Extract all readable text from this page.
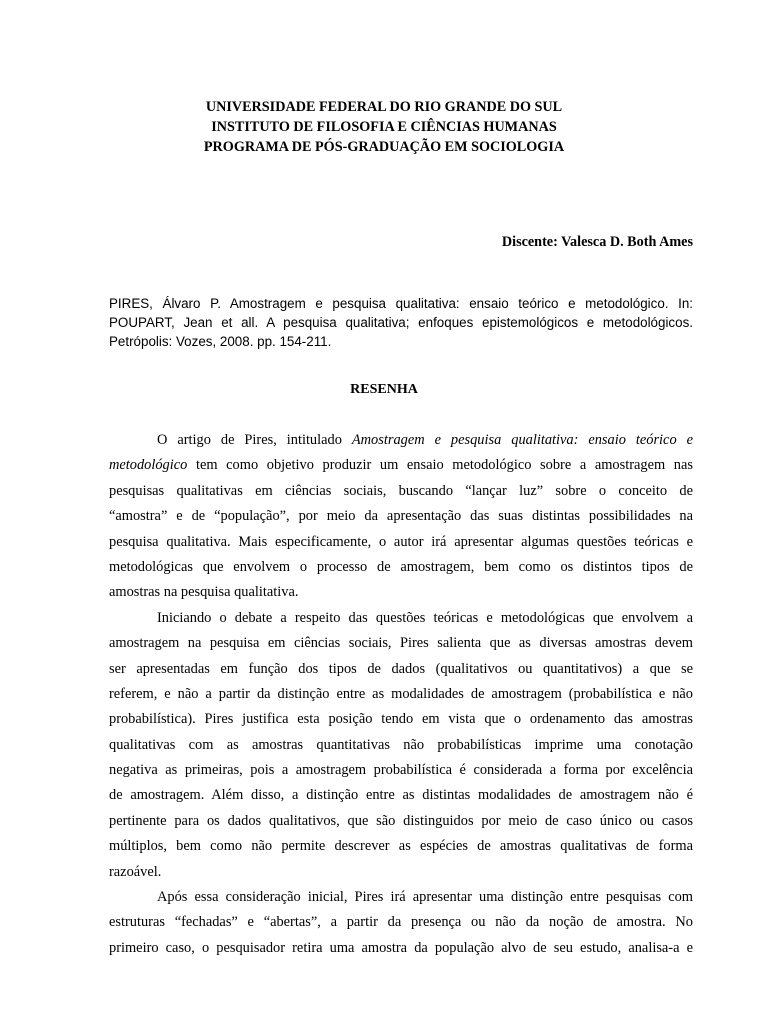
UNIVERSIDADE FEDERAL DO RIO GRANDE DO SUL
INSTITUTO DE FILOSOFIA E CIÊNCIAS HUMANAS
PROGRAMA DE PÓS-GRADUAÇÃO EM SOCIOLOGIA
Discente: Valesca D. Both Ames
PIRES, Álvaro P. Amostragem e pesquisa qualitativa: ensaio teórico e metodológico. In:
POUPART, Jean et all. A pesquisa qualitativa; enfoques epistemológicos e metodológicos.
Petrópolis: Vozes, 2008. pp. 154-211.
RESENHA
O artigo de Pires, intitulado Amostragem e pesquisa qualitativa: ensaio teórico e
metodológico tem como objetivo produzir um ensaio metodológico sobre a amostragem nas
pesquisas qualitativas em ciências sociais, buscando “lançar luz” sobre o conceito de
“amostra” e de “população”, por meio da apresentação das suas distintas possibilidades na
pesquisa qualitativa. Mais especificamente, o autor irá apresentar algumas questões teóricas e
metodológicas que envolvem o processo de amostragem, bem como os distintos tipos de
amostras na pesquisa qualitativa.
Iniciando o debate a respeito das questões teóricas e metodológicas que envolvem a
amostragem na pesquisa em ciências sociais, Pires salienta que as diversas amostras devem
ser apresentadas em função dos tipos de dados (qualitativos ou quantitativos) a que se
referem, e não a partir da distinção entre as modalidades de amostragem (probabilística e não
probabilística). Pires justifica esta posição tendo em vista que o ordenamento das amostras
qualitativas com as amostras quantitativas não probabilísticas imprime uma conotação
negativa as primeiras, pois a amostragem probabilística é considerada a forma por excelência
de amostragem. Além disso, a distinção entre as distintas modalidades de amostragem não é
pertinente para os dados qualitativos, que são distinguidos por meio de caso único ou casos
múltiplos, bem como não permite descrever as espécies de amostras qualitativas de forma
razoável.
Após essa consideração inicial, Pires irá apresentar uma distinção entre pesquisas com
estruturas “fechadas” e “abertas”, a partir da presença ou não da noção de amostra. No
primeiro caso, o pesquisador retira uma amostra da população alvo de seu estudo, analisa-a e
